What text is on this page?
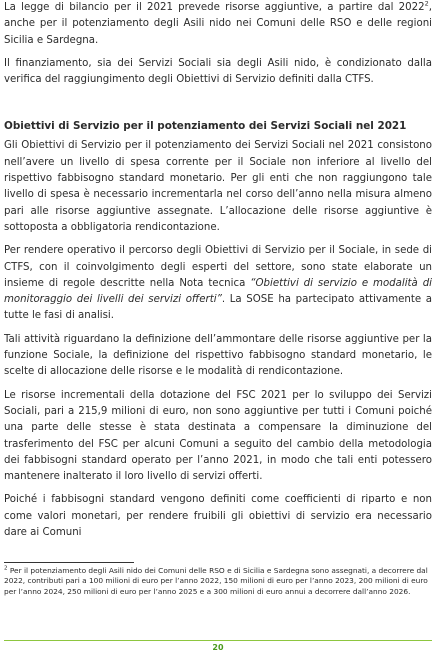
La legge di bilancio per il 2021 prevede risorse aggiuntive, a partire dal 2022$^2$, anche per il potenziamento degli Asili nido nei Comuni delle RSO e delle regioni Sicilia e Sardegna.

Il finanziamento, sia dei Servizi Sociali sia degli Asili nido, è condizionato dalla verifica del raggiungimento degli Obiettivi di Servizio definiti dalla CTFS.

Obiettivi di Servizio per il potenziamento dei Servizi Sociali nel 2021

Gli Obiettivi di Servizio per il potenziamento dei Servizi Sociali nel 2021 consistono nell’avere un livello di spesa corrente per il Sociale non inferiore al livello del rispettivo fabbisogno standard monetario. Per gli enti che non raggiungono tale livello di spesa è necessario incrementarla nel corso dell’anno nella misura almeno pari alle risorse aggiuntive assegnate. L’allocazione delle risorse aggiuntive è sottoposta a obbligatoria rendicontazione.

Per rendere operativo il percorso degli Obiettivi di Servizio per il Sociale, in sede di CTFS, con il coinvolgimento degli esperti del settore, sono state elaborate un insieme di regole descritte nella Nota tecnica “Obiettivi di servizio e modalità di monitoraggio dei livelli dei servizi offerti”. La SOSE ha partecipato attivamente a tutte le fasi di analisi.

Tali attività riguardano la definizione dell’ammontare delle risorse aggiuntive per la funzione Sociale, la definizione del rispettivo fabbisogno standard monetario, le scelte di allocazione delle risorse e le modalità di rendicontazione.

Le risorse incrementali della dotazione del FSC 2021 per lo sviluppo dei Servizi Sociali, pari a 215,9 milioni di euro, non sono aggiuntive per tutti i Comuni poiché una parte delle stesse è stata destinata a compensare la diminuzione del trasferimento del FSC per alcuni Comuni a seguito del cambio della metodologia dei fabbisogni standard operato per l’anno 2021, in modo che tali enti potessero mantenere inalterato il loro livello di servizi offerti.

Poiché i fabbisogni standard vengono definiti come coefficienti di riparto e non come valori monetari, per rendere fruibili gli obiettivi di servizio era necessario dare ai Comuni

$^2$ Per il potenziamento degli Asili nido dei Comuni delle RSO e di Sicilia e Sardegna sono assegnati, a decorrere dal 2022, contributi pari a 100 milioni di euro per l’anno 2022, 150 milioni di euro per l’anno 2023, 200 milioni di euro per l’anno 2024, 250 milioni di euro per l’anno 2025 e a 300 milioni di euro annui a decorrere dall’anno 2026.
20
